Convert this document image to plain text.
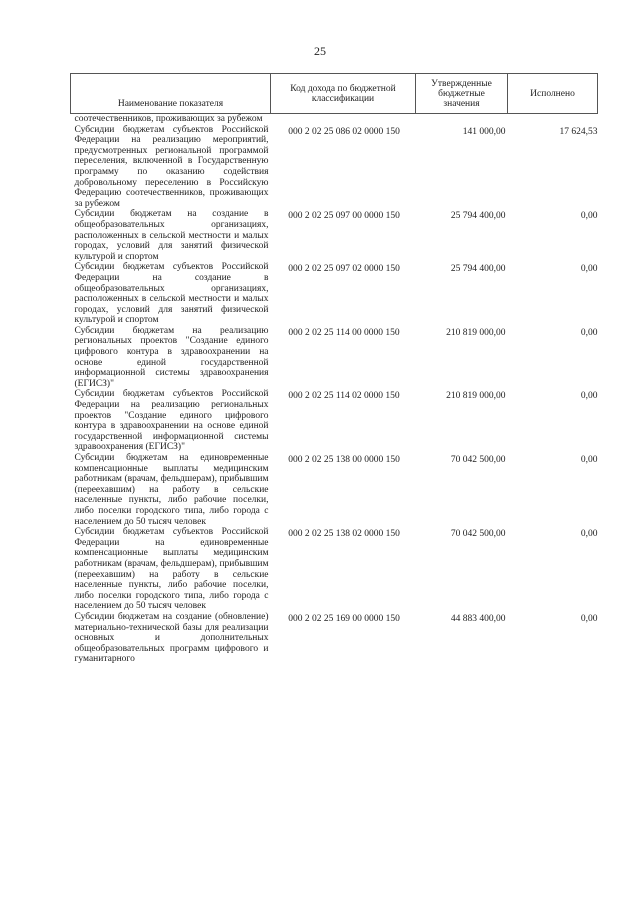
25
Наименование показателя	Код дохода по бюджетной классификации	Утвержденные бюджетные значения	Исполнено
соотечественников, проживающих за рубежом			
Субсидии бюджетам субъектов Российской Федерации на реализацию мероприятий, предусмотренных региональной программой переселения, включенной в Государственную программу по оказанию содействия добровольному переселению в Российскую Федерацию соотечественников, проживающих за рубежом	000 2 02 25 086 02 0000 150	141 000,00	17 624,53
Субсидии бюджетам на создание в общеобразовательных организациях, расположенных в сельской местности и малых городах, условий для занятий физической культурой и спортом	000 2 02 25 097 00 0000 150	25 794 400,00	0,00
Субсидии бюджетам субъектов Российской Федерации на создание в общеобразовательных организациях, расположенных в сельской местности и малых городах, условий для занятий физической культурой и спортом	000 2 02 25 097 02 0000 150	25 794 400,00	0,00
Субсидии бюджетам на реализацию региональных проектов "Создание единого цифрового контура в здравоохранении на основе единой государственной информационной системы здравоохранения (ЕГИСЗ)"	000 2 02 25 114 00 0000 150	210 819 000,00	0,00
Субсидии бюджетам субъектов Российской Федерации на реализацию региональных проектов "Создание единого цифрового контура в здравоохранении на основе единой государственной информационной системы здравоохранения (ЕГИСЗ)"	000 2 02 25 114 02 0000 150	210 819 000,00	0,00
Субсидии бюджетам на единовременные компенсационные выплаты медицинским работникам (врачам, фельдшерам), прибывшим (переехавшим) на работу в сельские населенные пункты, либо рабочие поселки, либо поселки городского типа, либо города с населением до 50 тысяч человек	000 2 02 25 138 00 0000 150	70 042 500,00	0,00
Субсидии бюджетам субъектов Российской Федерации на единовременные компенсационные выплаты медицинским работникам (врачам, фельдшерам), прибывшим (переехавшим) на работу в сельские населенные пункты, либо рабочие поселки, либо поселки городского типа, либо города с населением до 50 тысяч человек	000 2 02 25 138 02 0000 150	70 042 500,00	0,00
Субсидии бюджетам на создание (обновление) материально-технической базы для реализации основных и дополнительных общеобразовательных программ цифрового и гуманитарного	000 2 02 25 169 00 0000 150	44 883 400,00	0,00
